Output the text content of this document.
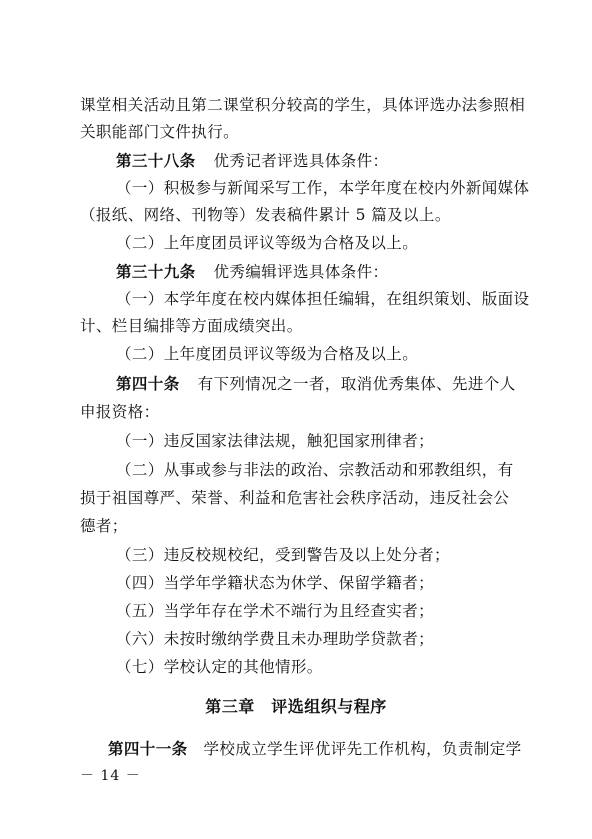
课堂相关活动且第二课堂积分较高的学生，具体评选办法参照相
关职能部门文件执行。
第三十八条 优秀记者评选具体条件：
（一）积极参与新闻采写工作，本学年度在校内外新闻媒体
（报纸、网络、刊物等）发表稿件累计 5 篇及以上。
（二）上年度团员评议等级为合格及以上。
第三十九条 优秀编辑评选具体条件：
（一）本学年度在校内媒体担任编辑，在组织策划、版面设
计、栏目编排等方面成绩突出。
（二）上年度团员评议等级为合格及以上。
第四十条 有下列情况之一者，取消优秀集体、先进个人
申报资格：
（一）违反国家法律法规，触犯国家刑律者；
（二）从事或参与非法的政治、宗教活动和邪教组织，有
损于祖国尊严、荣誉、利益和危害社会秩序活动，违反社会公
德者；
（三）违反校规校纪，受到警告及以上处分者；
（四）当学年学籍状态为休学、保留学籍者；
（五）当学年存在学术不端行为且经查实者；
（六）未按时缴纳学费且未办理助学贷款者；
（七）学校认定的其他情形。
第三章　评选组织与程序
第四十一条 学校成立学生评优评先工作机构，负责制定学
－ 14 －
